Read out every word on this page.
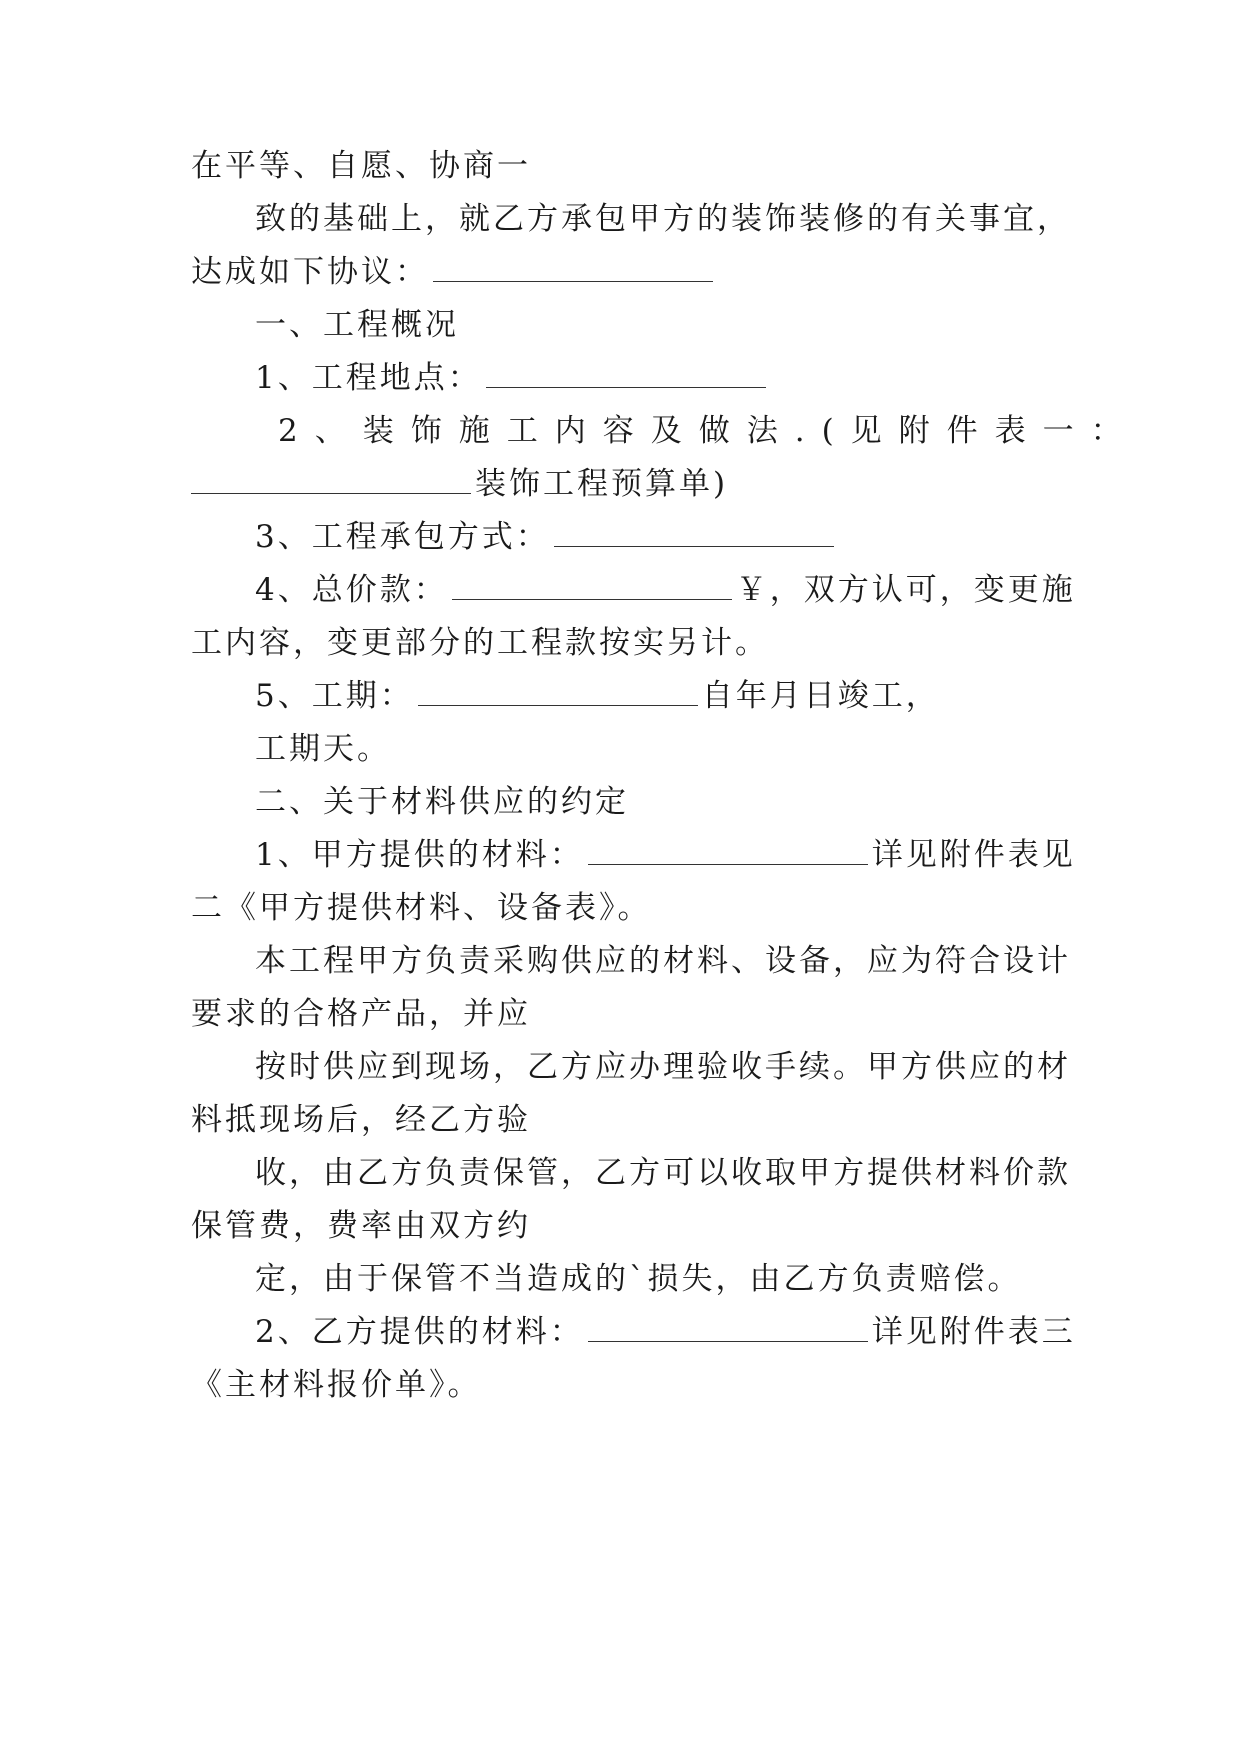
在平等、自愿、协商一
致的基础上，就乙方承包甲方的装饰装修的有关事宜，
达成如下协议：
一、工程概况
1、工程地点：
2、装饰施工内容及做法.(见附件表一：
装饰工程预算单)
3、工程承包方式：
4、总价款：	￥，双方认可，变更施
工内容，变更部分的工程款按实另计。
5、工期：	自年月日竣工，
工期天。
二、关于材料供应的约定
1、甲方提供的材料：	详见附件表见
二《甲方提供材料、设备表》。
本工程甲方负责采购供应的材料、设备，应为符合设计
要求的合格产品，并应
按时供应到现场，乙方应办理验收手续。甲方供应的材
料抵现场后，经乙方验
收，由乙方负责保管，乙方可以收取甲方提供材料价款
保管费，费率由双方约
定，由于保管不当造成的`损失，由乙方负责赔偿。
2、乙方提供的材料：	详见附件表三
《主材料报价单》。
